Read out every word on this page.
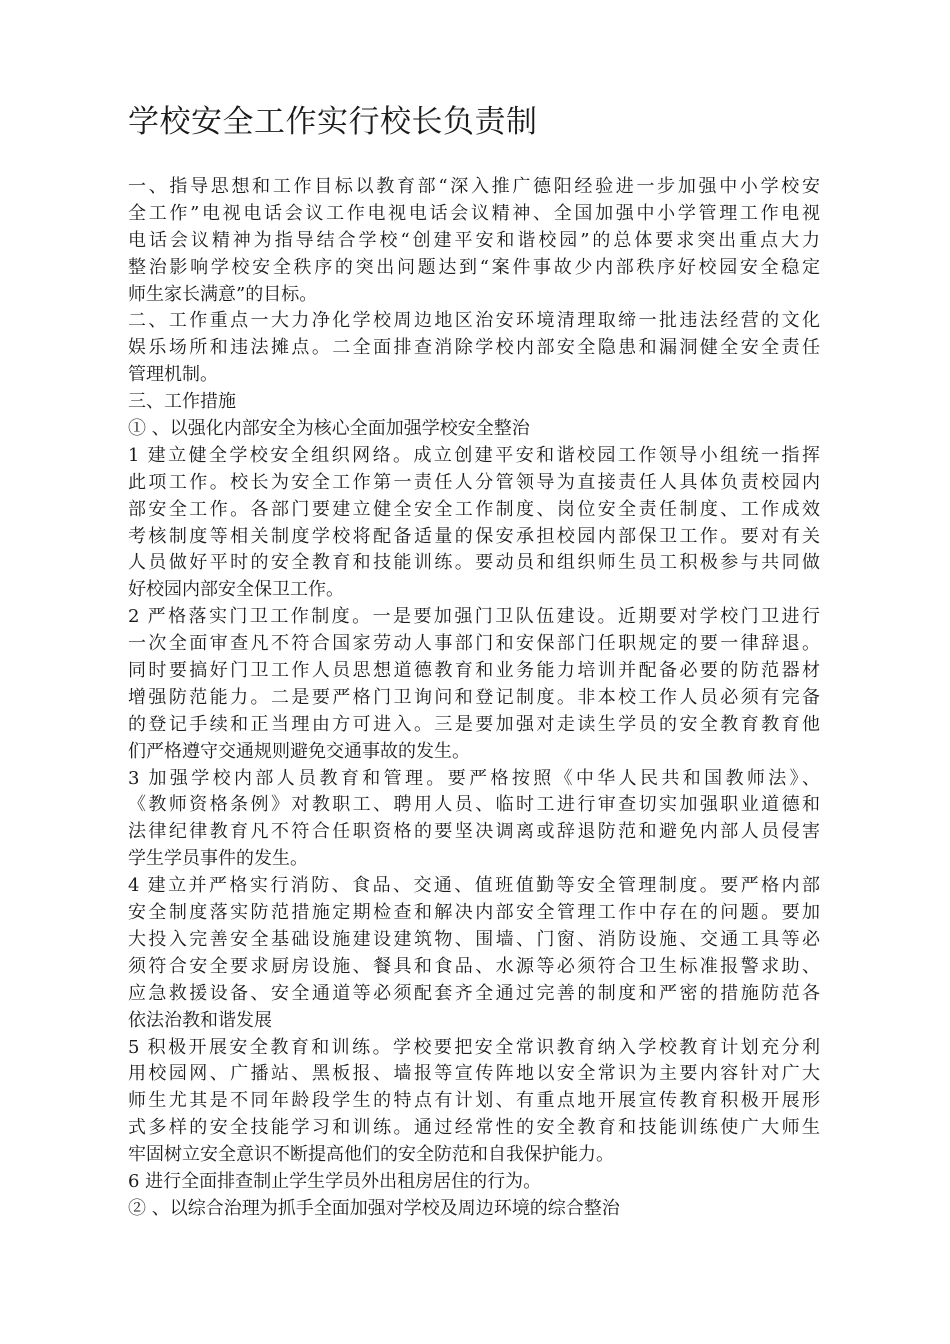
学校安全工作实行校长负责制
一、指导思想和工作目标以教育部“深入推广德阳经验进一步加强中小学校安
全工作”电视电话会议工作电视电话会议精神、全国加强中小学管理工作电视
电话会议精神为指导结合学校“创建平安和谐校园”的总体要求突出重点大力
整治影响学校安全秩序的突出问题达到“案件事故少内部秩序好校园安全稳定
师生家长满意”的目标。
二、工作重点一大力净化学校周边地区治安环境清理取缔一批违法经营的文化
娱乐场所和违法摊点。二全面排查消除学校内部安全隐患和漏洞健全安全责任
管理机制。
三、工作措施
① 、以强化内部安全为核心全面加强学校安全整治
1 建立健全学校安全组织网络。成立创建平安和谐校园工作领导小组统一指挥
此项工作。校长为安全工作第一责任人分管领导为直接责任人具体负责校园内
部安全工作。各部门要建立健全安全工作制度、岗位安全责任制度、工作成效
考核制度等相关制度学校将配备适量的保安承担校园内部保卫工作。要对有关
人员做好平时的安全教育和技能训练。要动员和组织师生员工积极参与共同做
好校园内部安全保卫工作。
2 严格落实门卫工作制度。一是要加强门卫队伍建设。近期要对学校门卫进行
一次全面审查凡不符合国家劳动人事部门和安保部门任职规定的要一律辞退。
同时要搞好门卫工作人员思想道德教育和业务能力培训并配备必要的防范器材
增强防范能力。二是要严格门卫询问和登记制度。非本校工作人员必须有完备
的登记手续和正当理由方可进入。三是要加强对走读生学员的安全教育教育他
们严格遵守交通规则避免交通事故的发生。
3 加强学校内部人员教育和管理。要严格按照《中华人民共和国教师法》、
《教师资格条例》对教职工、聘用人员、临时工进行审查切实加强职业道德和
法律纪律教育凡不符合任职资格的要坚决调离或辞退防范和避免内部人员侵害
学生学员事件的发生。
4 建立并严格实行消防、食品、交通、值班值勤等安全管理制度。要严格内部
安全制度落实防范措施定期检查和解决内部安全管理工作中存在的问题。要加
大投入完善安全基础设施建设建筑物、围墙、门窗、消防设施、交通工具等必
须符合安全要求厨房设施、餐具和食品、水源等必须符合卫生标准报警求助、
应急救援设备、安全通道等必须配套齐全通过完善的制度和严密的措施防范各
依法治教和谐发展
5 积极开展安全教育和训练。学校要把安全常识教育纳入学校教育计划充分利
用校园网、广播站、黑板报、墙报等宣传阵地以安全常识为主要内容针对广大
师生尤其是不同年龄段学生的特点有计划、有重点地开展宣传教育积极开展形
式多样的安全技能学习和训练。通过经常性的安全教育和技能训练使广大师生
牢固树立安全意识不断提高他们的安全防范和自我保护能力。
6 进行全面排查制止学生学员外出租房居住的行为。
② 、以综合治理为抓手全面加强对学校及周边环境的综合整治
